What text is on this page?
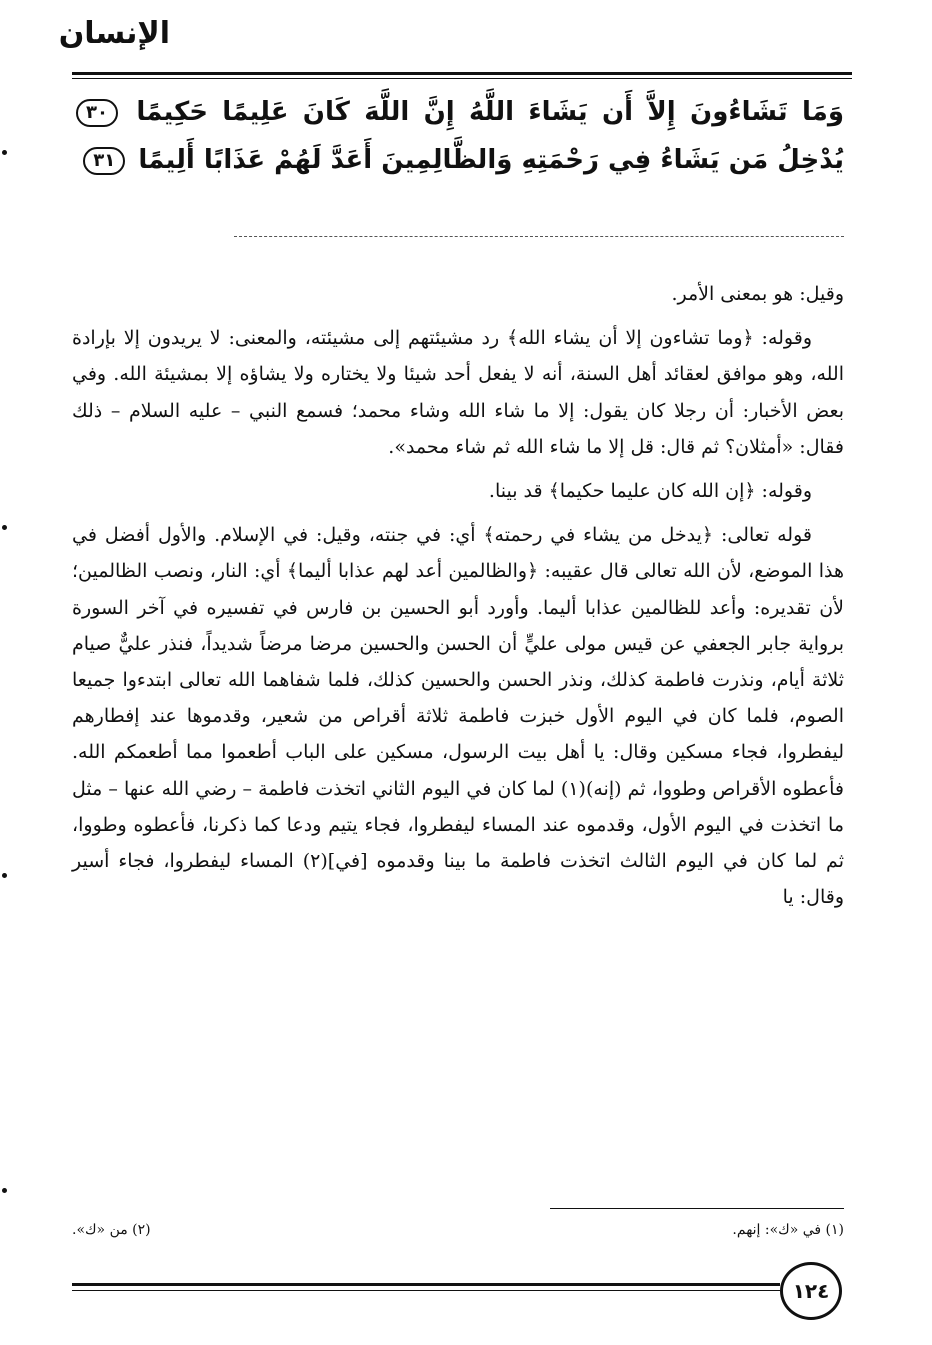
الإنسان
وَمَا تَشَاءُونَ إِلاَّ أَن يَشَاءَ اللَّهُ إِنَّ اللَّهَ كَانَ عَلِيمًا حَكِيمًا ٣٠ يُدْخِلُ مَن يَشَاءُ فِي رَحْمَتِهِ وَالظَّالِمِينَ أَعَدَّ لَهُمْ عَذَابًا أَلِيمًا ٣١

وقيل: هو بمعنى الأمر.

وقوله: ﴿وما تشاءون إلا أن يشاء الله﴾ رد مشيئتهم إلى مشيئته، والمعنى: لا يريدون إلا بإرادة الله، وهو موافق لعقائد أهل السنة، أنه لا يفعل أحد شيئا ولا يختاره ولا يشاؤه إلا بمشيئة الله. وفي بعض الأخبار: أن رجلا كان يقول: إلا ما شاء الله وشاء محمد؛ فسمع النبي – عليه السلام – ذلك فقال: «أمثلان؟ ثم قال: قل إلا ما شاء الله ثم شاء محمد».

وقوله: ﴿إن الله كان عليما حكيما﴾ قد بينا.

قوله تعالى: ﴿يدخل من يشاء في رحمته﴾ أي: في جنته، وقيل: في الإسلام. والأول أفضل في هذا الموضع، لأن الله تعالى قال عقيبه: ﴿والظالمين أعد لهم عذابا أليما﴾ أي: النار، ونصب الظالمين؛ لأن تقديره: وأعد للظالمين عذابا أليما. وأورد أبو الحسين بن فارس في تفسيره في آخر السورة برواية جابر الجعفي عن قيس مولى عليٍّ أن الحسن والحسين مرضا مرضاً شديداً، فنذر عليٌّ صيام ثلاثة أيام، ونذرت فاطمة كذلك، ونذر الحسن والحسين كذلك، فلما شفاهما الله تعالى ابتدءوا جميعا الصوم، فلما كان في اليوم الأول خبزت فاطمة ثلاثة أقراص من شعير، وقدموها عند إفطارهم ليفطروا، فجاء مسكين وقال: يا أهل بيت الرسول، مسكين على الباب أطعموا مما أطعمكم الله. فأعطوه الأقراص وطووا، ثم (إنه)(١) لما كان في اليوم الثاني اتخذت فاطمة – رضي الله عنها – مثل ما اتخذت في اليوم الأول، وقدموه عند المساء ليفطروا، فجاء يتيم ودعا كما ذكرنا، فأعطوه وطووا، ثم لما كان في اليوم الثالث اتخذت فاطمة ما بينا وقدموه [في](٢) المساء ليفطروا، فجاء أسير وقال: يا

(١) في «ك»: إنهم.
(٢) من «ك».
١٢٤
